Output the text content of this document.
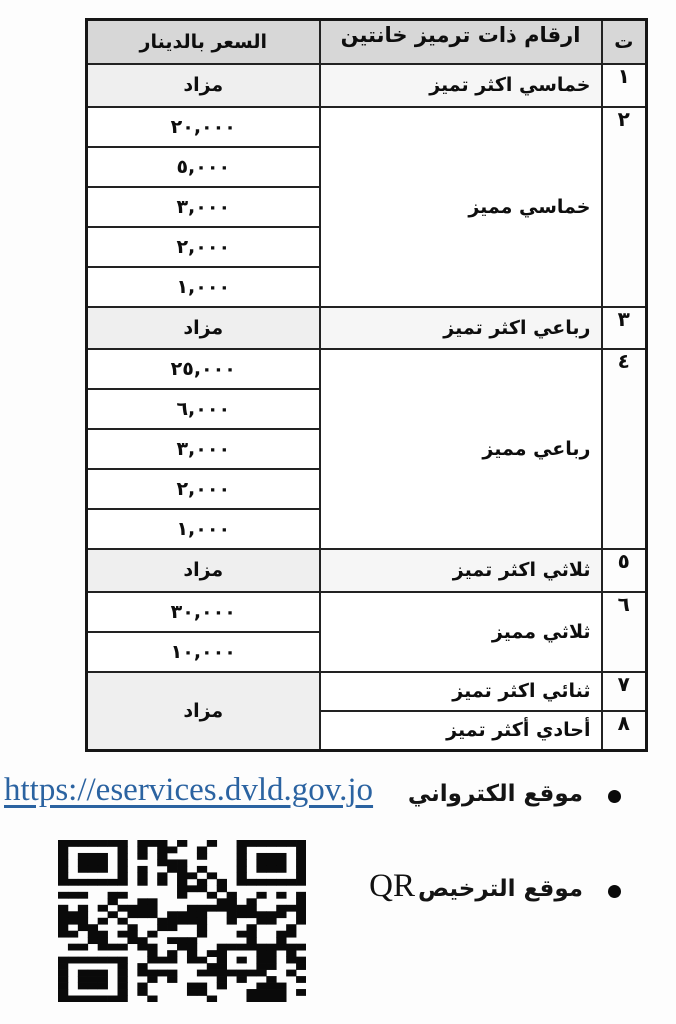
ت	ارقام ذات ترميز خانتين	السعر بالدينار
١	خماسي اكثر تميز	مزاد
٢	خماسي مميز	٢٠,٠٠٠
		٥,٠٠٠
		٣,٠٠٠
		٢,٠٠٠
		١,٠٠٠
٣	رباعي اكثر تميز	مزاد
٤	رباعي مميز	٢٥,٠٠٠
		٦,٠٠٠
		٣,٠٠٠
		٢,٠٠٠
		١,٠٠٠
٥	ثلاثي اكثر تميز	مزاد
٦	ثلاثي مميز	٣٠,٠٠٠
		١٠,٠٠٠
٧	ثنائي اكثر تميز	مزاد
٨	أحادي أكثر تميز	
موقع الكترواني
https://eservices.dvld.gov.jo
موقع الترخيص
QR
